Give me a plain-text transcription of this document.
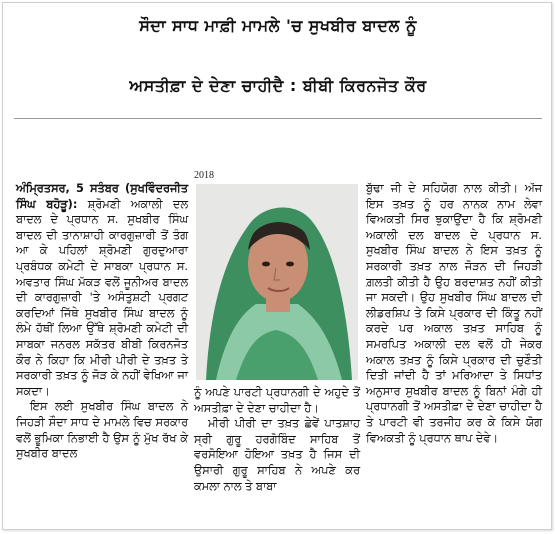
ਸੌਦਾ ਸਾਧ ਮਾਫ਼ੀ ਮਾਮਲੇ 'ਚ ਸੁਖਬੀਰ ਬਾਦਲ ਨੂੰ
ਅਸਤੀਫ਼ਾ ਦੇ ਦੇਣਾ ਚਾਹੀਦੈ : ਬੀਬੀ ਕਿਰਨਜੋਤ ਕੌਰ
2018

ਅੰਮ੍ਰਿਤਸਰ, 5 ਸਤੰਬਰ (ਸੁਖਵਿੰਦਰਜੀਤ ਸਿੰਘ ਬਹੋੜੂ): ਸ਼੍ਰੋਮਣੀ ਅਕਾਲੀ ਦਲ ਬਾਦਲ ਦੇ ਪ੍ਰਧਾਨ ਸ. ਸੁਖਬੀਰ ਸਿੰਘ ਬਾਦਲ ਦੀ ਤਾਨਾਸ਼ਾਹੀ ਕਾਰਗੁਜ਼ਾਰੀ ਤੋਂ ਤੰਗ ਆ ਕੇ ਪਹਿਲਾਂ ਸ਼੍ਰੋਮਣੀ ਗੁਰਦੁਆਰਾ ਪ੍ਰਬੰਧਕ ਕਮੇਟੀ ਦੇ ਸਾਬਕਾ ਪ੍ਰਧਾਨ ਸ. ਅਵਤਾਰ ਸਿੰਘ ਮੱਕੜ ਵਲੋਂ ਜੂਨੀਅਰ ਬਾਦਲ ਦੀ ਕਾਰਗੁਜ਼ਾਰੀ 'ਤੇ ਅਸੰਤੁਸ਼ਟੀ ਪ੍ਰਗਟ ਕਰਦਿਆਂ ਜਿੱਥੇ ਸੁਖਬੀਰ ਸਿੰਘ ਬਾਦਲ ਨੂੰ ਲੰਮੇ ਹੱਥੀਂ ਲਿਆ ਉੱਥੇ ਸ਼੍ਰੋਮਣੀ ਕਮੇਟੀ ਦੀ ਸਾਬਕਾ ਜਨਰਲ ਸਕੱਤਰ ਬੀਬੀ ਕਿਰਨਜੋਤ ਕੌਰ ਨੇ ਕਿਹਾ ਕਿ ਮੀਰੀ ਪੀਰੀ ਦੇ ਤਖ਼ਤ ਤੇ ਸਰਕਾਰੀ ਤਖ਼ਤ ਨੂੰ ਜੋੜ ਕੇ ਨਹੀਂ ਵੇਖਿਆ ਜਾ ਸਕਦਾ।

ਇਸ ਲਈ ਸੁਖਬੀਰ ਸਿੰਘ ਬਾਦਲ ਨੇ ਜਿਹੜੀ ਸੌਦਾ ਸਾਧ ਦੇ ਮਾਮਲੇ ਵਿਚ ਸਰਕਾਰ ਵਲੋਂ ਭੂਮਿਕਾ ਨਿਭਾਈ ਹੈ ਉਸ ਨੂੰ ਮੁੱਖ ਰੱਖ ਕੇ ਸੁਖਬੀਰ ਬਾਦਲ

ਨੂੰ ਅਪਣੇ ਪਾਰਟੀ ਪ੍ਰਧਾਨਗੀ ਦੇ ਅਹੁਦੇ ਤੋਂ ਅਸਤੀਫ਼ਾ ਦੇ ਦੇਣਾ ਚਾਹੀਦਾ ਹੈ।

ਮੀਰੀ ਪੀਰੀ ਦਾ ਤਖ਼ਤ ਛੇਵੇਂ ਪਾਤਸ਼ਾਹ ਸ੍ਰੀ ਗੁਰੂ ਹਰਗੋਬਿੰਦ ਸਾਹਿਬ ਤੋਂ ਵਰਸੋਇਆ ਹੋਇਆ ਤਖ਼ਤ ਹੈ ਜਿਸ ਦੀ ਉਸਾਰੀ ਗੁਰੂ ਸਾਹਿਬ ਨੇ ਅਪਣੇ ਕਰ ਕਮਲਾ ਨਾਲ ਤੇ ਬਾਬਾ

ਬੁੱਢਾ ਜੀ ਦੇ ਸਹਿਯੋਗ ਨਾਲ ਕੀਤੀ। ਅੱਜ ਇਸ ਤਖ਼ਤ ਨੂੰ ਹਰ ਨਾਨਕ ਨਾਮ ਲੇਵਾ ਵਿਅਕਤੀ ਸਿਰ ਝੁਕਾਉਂਦਾ ਹੈ ਕਿ ਸ਼੍ਰੋਮਣੀ ਅਕਾਲੀ ਦਲ ਬਾਦਲ ਦੇ ਪ੍ਰਧਾਨ ਸ. ਸੁਖਬੀਰ ਸਿੰਘ ਬਾਦਲ ਨੇ ਇਸ ਤਖ਼ਤ ਨੂੰ ਸਰਕਾਰੀ ਤਖ਼ਤ ਨਾਲ ਜੋੜਨ ਦੀ ਜਿਹੜੀ ਗ਼ਲਤੀ ਕੀਤੀ ਹੈ ਉਹ ਬਰਦਾਸ਼ਤ ਨਹੀਂ ਕੀਤੀ ਜਾ ਸਕਦੀ। ਉਹ ਸੁਖਬੀਰ ਸਿੰਘ ਬਾਦਲ ਦੀ ਲੀਡਰਸ਼ਿਪ ਤੇ ਕਿਸੇ ਪ੍ਰਕਾਰ ਦੀ ਕਿੰਤੂ ਨਹੀਂ ਕਰਦੇ ਪਰ ਅਕਾਲ ਤਖ਼ਤ ਸਾਹਿਬ ਨੂੰ ਸਮਰਪਿਤ ਅਕਾਲੀ ਦਲ ਵਲੋਂ ਹੀ ਜੇਕਰ ਅਕਾਲ ਤਖ਼ਤ ਨੂੰ ਕਿਸੇ ਪ੍ਰਕਾਰ ਦੀ ਚੁਣੌਤੀ ਦਿਤੀ ਜਾਂਦੀ ਹੈ ਤਾਂ ਮਰਿਆਦਾ ਤੇ ਸਿਧਾਂਤ ਅਨੁਸਾਰ ਸੁਖਬੀਰ ਬਾਦਲ ਨੂੰ ਬਿਨਾਂ ਮੰਗੇ ਹੀ ਪ੍ਰਧਾਨਗੀ ਤੋਂ ਅਸਤੀਫ਼ਾ ਦੇ ਦੇਣਾ ਚਾਹੀਦਾ ਹੈ ਤੇ ਪਾਰਟੀ ਵੀ ਤਰਜੀਹ ਕਰ ਕੇ ਕਿਸੇ ਯੋਗ ਵਿਅਕਤੀ ਨੂੰ ਪ੍ਰਧਾਨ ਥਾਪ ਦੇਵੇ।
